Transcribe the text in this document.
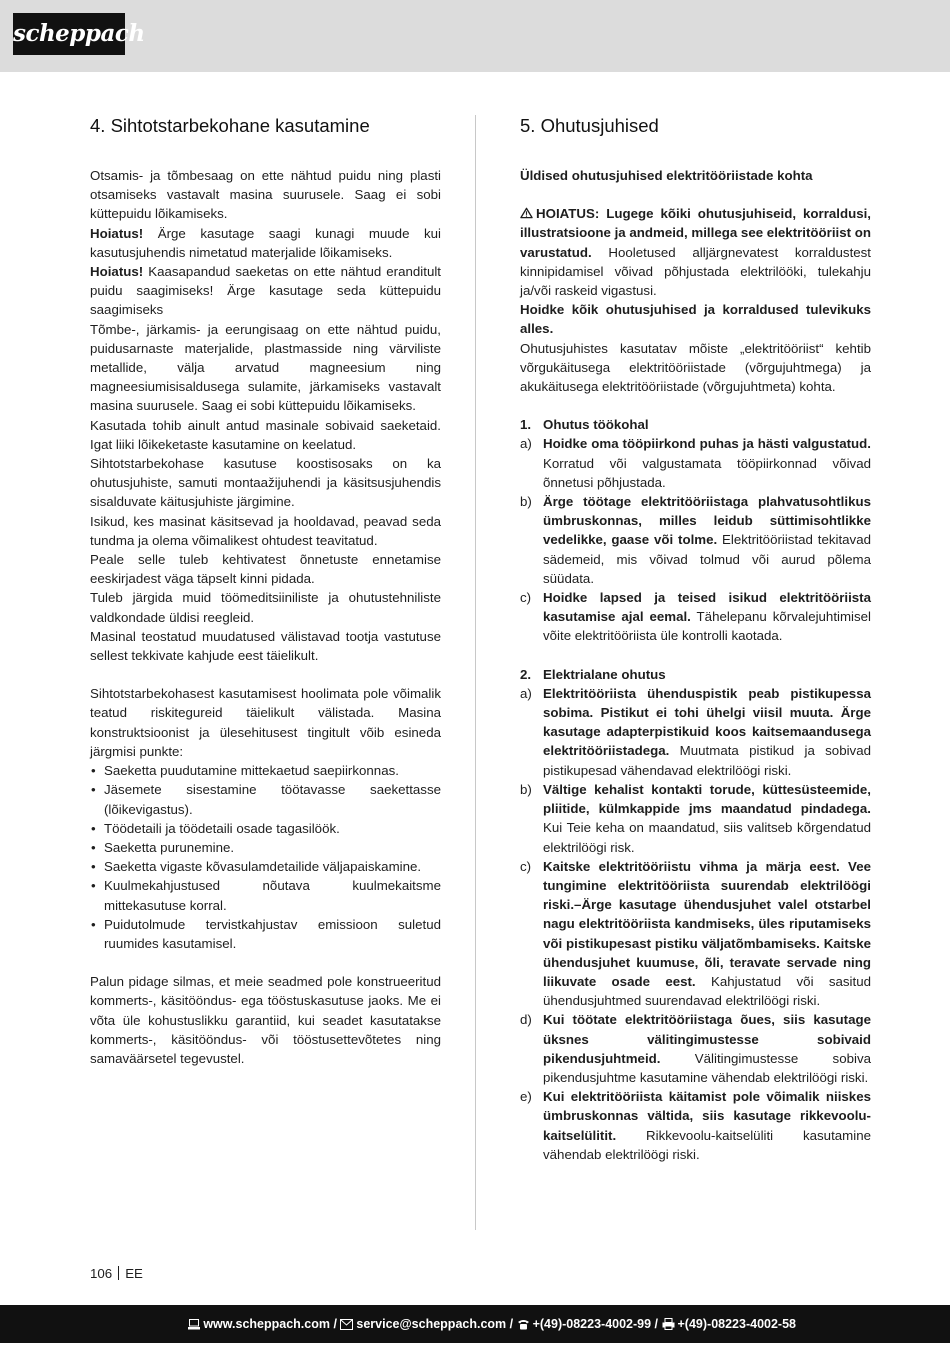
scheppach
4. Sihtotstarbekohane kasutamine

Otsamis- ja tõmbesaag on ette nähtud puidu ning plasti otsamiseks vastavalt masina suurusele. Saag ei sobi küttepuidu lõikamiseks.

Hoiatus! Ärge kasutage saagi kunagi muude kui kasutusjuhendis nimetatud materjalide lõikamiseks.

Hoiatus! Kaasapandud saeketas on ette nähtud eranditult puidu saagimiseks! Ärge kasutage seda küttepuidu saagimiseks

Tõmbe-, järkamis- ja eerungisaag on ette nähtud puidu, puidusarnaste materjalide, plastmasside ning värviliste metallide, välja arvatud magneesium ning magneesiumisisaldusega sulamite, järkamiseks vastavalt masina suurusele. Saag ei sobi küttepuidu lõikamiseks.

Kasutada tohib ainult antud masinale sobivaid saeketaid. Igat liiki lõikeketaste kasutamine on keelatud.

Sihtotstarbekohase kasutuse koostisosaks on ka ohutusjuhiste, samuti montaažijuhendi ja käsitsusjuhendis sisalduvate käitusjuhiste järgimine.

Isikud, kes masinat käsitsevad ja hooldavad, peavad seda tundma ja olema võimalikest ohtudest teavitatud.

Peale selle tuleb kehtivatest õnnetuste ennetamise eeskirjadest väga täpselt kinni pidada.

Tuleb järgida muid töömeditsiiniliste ja ohutustehniliste valdkondade üldisi reegleid.

Masinal teostatud muudatused välistavad tootja vastutuse sellest tekkivate kahjude eest täielikult.

Sihtotstarbekohasest kasutamisest hoolimata pole võimalik teatud riskitegureid täielikult välistada. Masina konstruktsioonist ja ülesehitusest tingitult võib esineda järgmisi punkte:

• Saeketta puudutamine mittekaetud saepiirkonnas.
• Jäsemete sisestamine töötavasse saekettasse (lõikevigastus).
• Töödetaili ja töödetaili osade tagasilöök.
• Saeketta purunemine.
• Saeketta vigaste kõvasulamdetailide väljapaiskamine.
• Kuulmekahjustused nõutava kuulmekaitsme mittekasutuse korral.
• Puidutolmude tervistkahjustav emissioon suletud ruumides kasutamisel.

Palun pidage silmas, et meie seadmed pole konstrueeritud kommerts-, käsitööndus- ega tööstuskasutuse jaoks. Me ei võta üle kohustuslikku garantiid, kui seadet kasutatakse kommerts-, käsitööndus- või tööstusettevõtetes ning samaväärsetel tegevustel.

5. Ohutusjuhised

Üldised ohutusjuhised elektritööriistade kohta

HOIATUS: Lugege kõiki ohutusjuhiseid, korraldusi, illustratsioone ja andmeid, millega see elektritööriist on varustatud. Hooletused alljärgnevatest korraldustest kinnipidamisel võivad põhjustada elektrilööki, tulekahju ja/või raskeid vigastusi.

Hoidke kõik ohutusjuhised ja korraldused tulevikuks alles.

Ohutusjuhistes kasutatav mõiste „elektritööriist“ kehtib võrgukäitusega elektritööriistade (võrgujuhtmega) ja akukäitusega elektritööriistade (võrgujuhtmeta) kohta.

1. Ohutus töökohal
a) Hoidke oma tööpiirkond puhas ja hästi valgustatud. Korratud või valgustamata tööpiirkonnad võivad õnnetusi põhjustada.
b) Ärge töötage elektritööriistaga plahvatusohtlikus ümbruskonnas, milles leidub süttimisohtlikke vedelikke, gaase või tolme. Elektritööriistad tekitavad sädemeid, mis võivad tolmud või aurud põlema süüdata.
c) Hoidke lapsed ja teised isikud elektritööriista kasutamise ajal eemal. Tähelepanu kõrvalejuhtimisel võite elektritööriista üle kontrolli kaotada.
2. Elektrialane ohutus
a) Elektritööriista ühenduspistik peab pistikupessa sobima. Pistikut ei tohi ühelgi viisil muuta. Ärge kasutage adapterpistikuid koos kaitsemaandusega elektritööriistadega. Muutmata pistikud ja sobivad pistikupesad vähendavad elektrilöögi riski.
b) Vältige kehalist kontakti torude, küttesüsteemide, pliitide, külmkappide jms maandatud pindadega. Kui Teie keha on maandatud, siis valitseb kõrgendatud elektrilöögi risk.
c) Kaitske elektritööriistu vihma ja märja eest. Vee tungimine elektritööriista suurendab elektrilöögi riski.–Ärge kasutage ühendusjuhet valel otstarbel nagu elektritööriista kandmiseks, üles riputamiseks või pistikupesast pistiku väljatõmbamiseks. Kaitske ühendusjuhet kuumuse, õli, teravate servade ning liikuvate osade eest. Kahjustatud või sasitud ühendusjuhtmed suurendavad elektrilöögi riski.
d) Kui töötate elektritööriistaga õues, siis kasutage üksnes välitingimustesse sobivaid pikendusjuhtmeid. Välitingimustesse sobiva pikendusjuhtme kasutamine vähendab elektrilöögi riski.
e) Kui elektritööriista käitamist pole võimalik niiskes ümbruskonnas vältida, siis kasutage rikkevoolu-kaitselülitit. Rikkevoolu-kaitselüliti kasutamine vähendab elektrilöögi riski.
106 EE
www.scheppach.com / service@scheppach.com / +(49)-08223-4002-99 / +(49)-08223-4002-58
